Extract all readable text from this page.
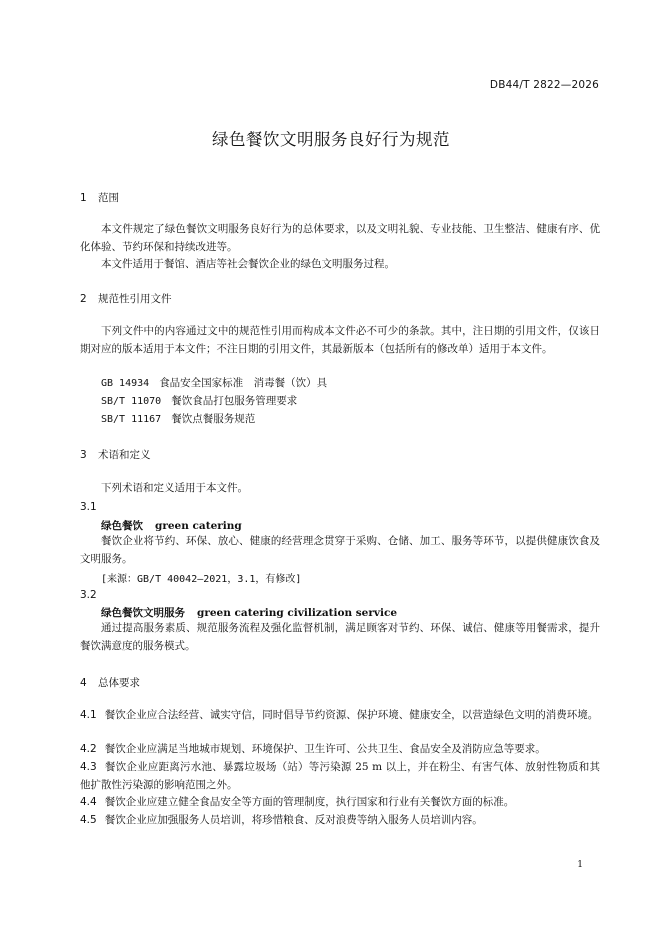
DB44/T 2822—2026
绿色餐饮文明服务良好行为规范
1 范围
本文件规定了绿色餐饮文明服务良好行为的总体要求，以及文明礼貌、专业技能、卫生整洁、健康有序、优化体验、节约环保和持续改进等。
本文件适用于餐馆、酒店等社会餐饮企业的绿色文明服务过程。
2 规范性引用文件
下列文件中的内容通过文中的规范性引用而构成本文件必不可少的条款。其中，注日期的引用文件，仅该日期对应的版本适用于本文件；不注日期的引用文件，其最新版本（包括所有的修改单）适用于本文件。
GB 14934 食品安全国家标准　消毒餐（饮）具
SB/T 11070 餐饮食品打包服务管理要求
SB/T 11167 餐饮点餐服务规范
3 术语和定义
下列术语和定义适用于本文件。
3.1
绿色餐饮 green catering
餐饮企业将节约、环保、放心、健康的经营理念贯穿于采购、仓储、加工、服务等环节，以提供健康饮食及文明服务。
[来源：GB/T 40042—2021，3.1，有修改]
3.2
绿色餐饮文明服务 green catering civilization service
通过提高服务素质、规范服务流程及强化监督机制，满足顾客对节约、环保、诚信、健康等用餐需求，提升餐饮满意度的服务模式。
4 总体要求
4.1 餐饮企业应合法经营、诚实守信，同时倡导节约资源、保护环境、健康安全，以营造绿色文明的消费环境。
4.2 餐饮企业应满足当地城市规划、环境保护、卫生许可、公共卫生、食品安全及消防应急等要求。
4.3 餐饮企业应距离污水池、暴露垃圾场（站）等污染源 25 m 以上，并在粉尘、有害气体、放射性物质和其他扩散性污染源的影响范围之外。
4.4 餐饮企业应建立健全食品安全等方面的管理制度，执行国家和行业有关餐饮方面的标准。
4.5 餐饮企业应加强服务人员培训，将珍惜粮食、反对浪费等纳入服务人员培训内容。
1
